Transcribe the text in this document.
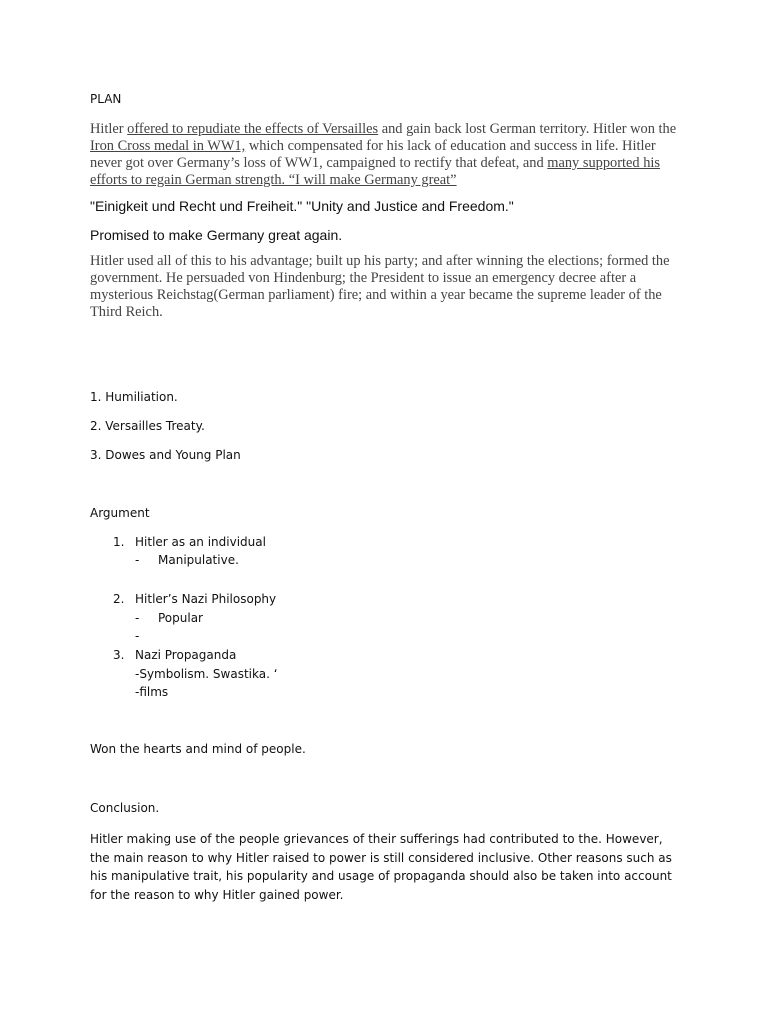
PLAN

Hitler offered to repudiate the effects of Versailles and gain back lost German territory. Hitler won the Iron Cross medal in WW1, which compensated for his lack of education and success in life. Hitler never got over Germany’s loss of WW1, campaigned to rectify that defeat, and many supported his efforts to regain German strength. “I will make Germany great”

"Einigkeit und Recht und Freiheit." "Unity and Justice and Freedom."

Promised to make Germany great again.

Hitler used all of this to his advantage; built up his party; and after winning the elections; formed the government. He persuaded von Hindenburg; the President to issue an emergency decree after a mysterious Reichstag(German parliament) fire; and within a year became the supreme leader of the Third Reich.

1. Humiliation.

2. Versailles Treaty.

3. Dowes and Young Plan

Argument

1. Hitler as an individual

- Manipulative.

2. Hitler’s Nazi Philosophy

- Popular

-

3. Nazi Propaganda

-Symbolism. Swastika. ‘

-films

Won the hearts and mind of people.

Conclusion.

Hitler making use of the people grievances of their sufferings had contributed to the. However, the main reason to why Hitler raised to power is still considered inclusive. Other reasons such as his manipulative trait, his popularity and usage of propaganda should also be taken into account for the reason to why Hitler gained power.
